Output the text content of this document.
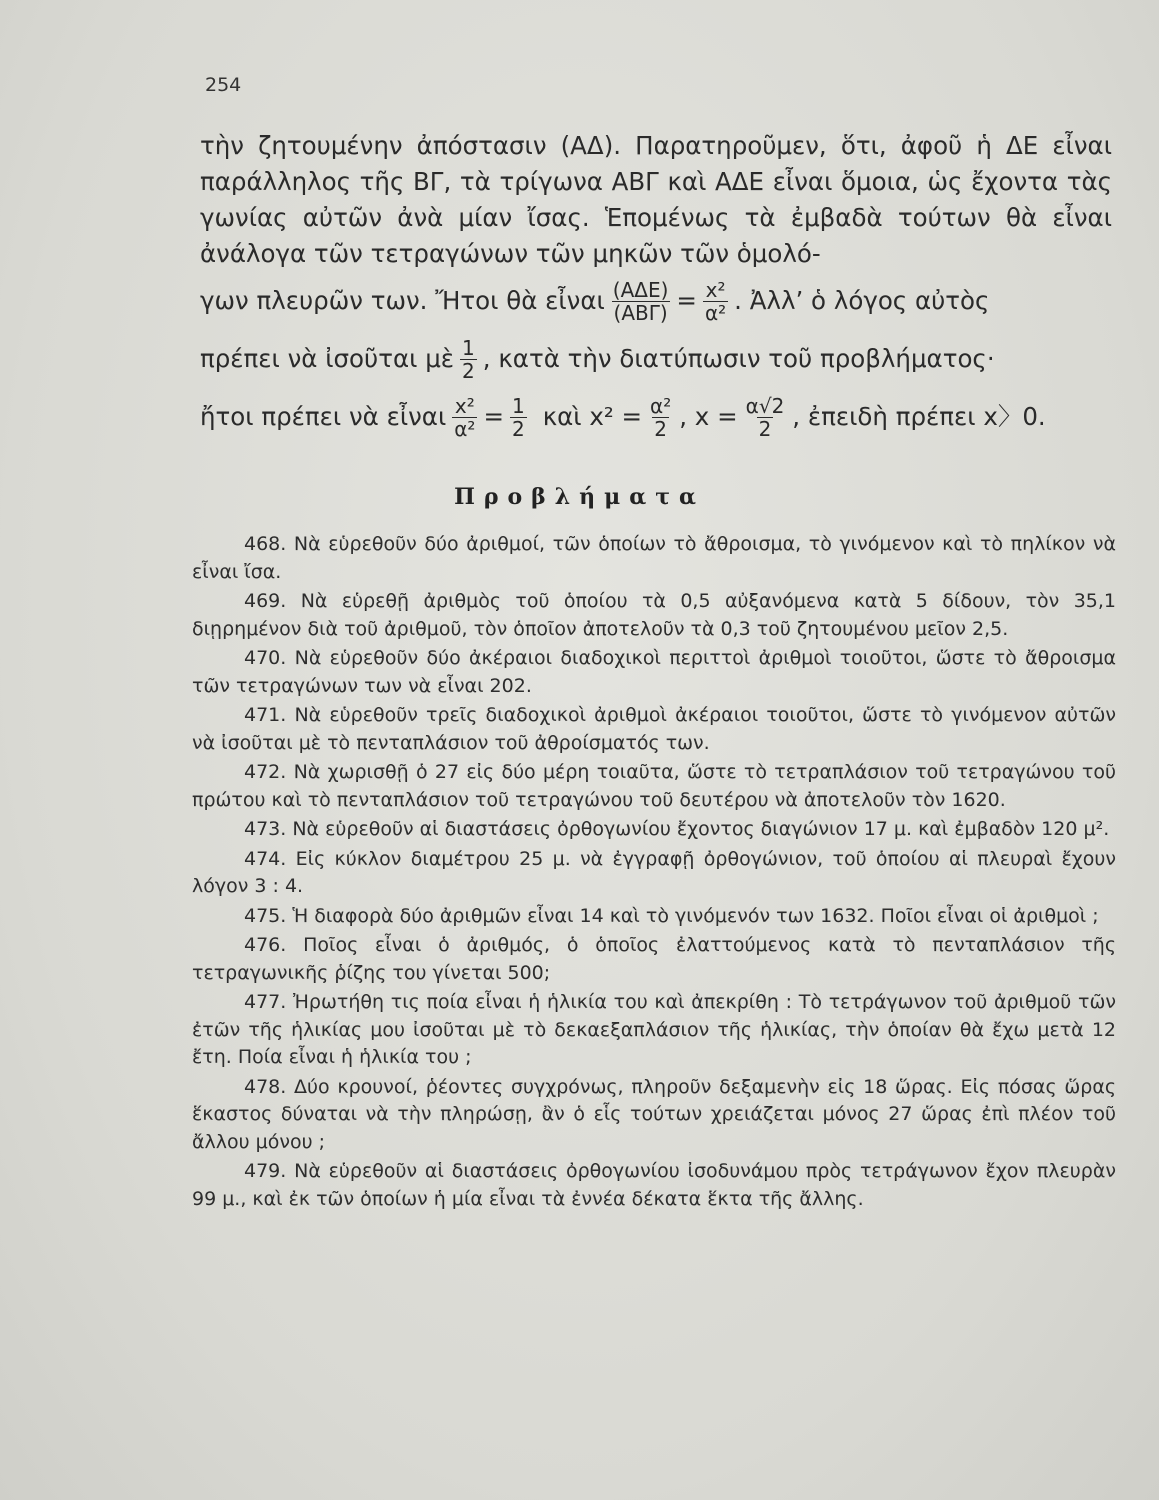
254

τὴν ζητουμένην ἀπόστασιν (ΑΔ). Παρατηροῦμεν, ὅτι, ἀφοῦ ἡ ΔΕ εἶναι παράλληλος τῆς ΒΓ, τὰ τρίγωνα ΑΒΓ καὶ ΑΔΕ εἶναι ὅμοια, ὡς ἔχοντα τὰς γωνίας αὐτῶν ἀνὰ μίαν ἴσας. Ἑπομένως τὰ ἐμβαδὰ τούτων θὰ εἶναι ἀνάλογα τῶν τετραγώνων τῶν μηκῶν τῶν ὁμολό-

γων πλευρῶν των. Ἤτοι θὰ εἶναι $\frac{\text{(ΑΔΕ)}}{\text{(ΑΒΓ)}} = \frac{\text{x²}}{\text{α²}}$ . Ἀλλ’ ὁ λόγος αὐτὸς
πρέπει νὰ ἰσοῦται μὲ $\frac{1}{2}$ , κατὰ τὴν διατύπωσιν τοῦ προβλήματος·
ἤτοι πρέπει νὰ εἶναι $\frac{\text{x²}}{\text{α²}} = \frac{1}{2}$ καὶ $x^2 = \frac{\text{α²}}{2}$ , $x = \frac{\alpha√2}{2}$ , ἐπειδὴ πρέπει x〉0.
Προβλήματα

468. Νὰ εὑρεθοῦν δύο ἀριθμοί, τῶν ὁποίων τὸ ἄθροισμα, τὸ γινόμενον καὶ τὸ πηλίκον νὰ εἶναι ἴσα.

469. Νὰ εὑρεθῇ ἀριθμὸς τοῦ ὁποίου τὰ 0,5 αὐξανόμενα κατὰ 5 δίδουν, τὸν 35,1 διῃρημένον διὰ τοῦ ἀριθμοῦ, τὸν ὁποῖον ἀποτελοῦν τὰ 0,3 τοῦ ζητουμένου μεῖον 2,5.

470. Νὰ εὑρεθοῦν δύο ἀκέραιοι διαδοχικοὶ περιττοὶ ἀριθμοὶ τοιοῦτοι, ὥστε τὸ ἄθροισμα τῶν τετραγώνων των νὰ εἶναι 202.

471. Νὰ εὑρεθοῦν τρεῖς διαδοχικοὶ ἀριθμοὶ ἀκέραιοι τοιοῦτοι, ὥστε τὸ γινόμενον αὐτῶν νὰ ἰσοῦται μὲ τὸ πενταπλάσιον τοῦ ἀθροίσματός των.

472. Νὰ χωρισθῇ ὁ 27 εἰς δύο μέρη τοιαῦτα, ὥστε τὸ τετραπλάσιον τοῦ τετραγώνου τοῦ πρώτου καὶ τὸ πενταπλάσιον τοῦ τετραγώνου τοῦ δευτέρου νὰ ἀποτελοῦν τὸν 1620.

473. Νὰ εὑρεθοῦν αἱ διαστάσεις ὀρθογωνίου ἔχοντος διαγώνιον 17 μ. καὶ ἐμβαδὸν 120 μ².

474. Εἰς κύκλον διαμέτρου 25 μ. νὰ ἐγγραφῇ ὀρθογώνιον, τοῦ ὁποίου αἱ πλευραὶ ἔχουν λόγον 3 : 4.

475. Ἡ διαφορὰ δύο ἀριθμῶν εἶναι 14 καὶ τὸ γινόμενόν των 1632. Ποῖοι εἶναι οἱ ἀριθμοὶ ;

476. Ποῖος εἶναι ὁ ἀριθμός, ὁ ὁποῖος ἐλαττούμενος κατὰ τὸ πενταπλάσιον τῆς τετραγωνικῆς ῥίζης του γίνεται 500;

477. Ἠρωτήθη τις ποία εἶναι ἡ ἡλικία του καὶ ἀπεκρίθη : Τὸ τετράγωνον τοῦ ἀριθμοῦ τῶν ἐτῶν τῆς ἡλικίας μου ἰσοῦται μὲ τὸ δεκαεξαπλάσιον τῆς ἡλικίας, τὴν ὁποίαν θὰ ἔχω μετὰ 12 ἔτη. Ποία εἶναι ἡ ἡλικία του ;

478. Δύο κρουνοί, ῥέοντες συγχρόνως, πληροῦν δεξαμενὴν εἰς 18 ὥρας. Εἰς πόσας ὥρας ἕκαστος δύναται νὰ τὴν πληρώσῃ, ἂν ὁ εἷς τούτων χρειάζεται μόνος 27 ὥρας ἐπὶ πλέον τοῦ ἄλλου μόνου ;

479. Νὰ εὑρεθοῦν αἱ διαστάσεις ὀρθογωνίου ἰσοδυνάμου πρὸς τετράγωνον ἔχον πλευρὰν 99 μ., καὶ ἐκ τῶν ὁποίων ἡ μία εἶναι τὰ ἐννέα δέκατα ἕκτα τῆς ἄλλης.
